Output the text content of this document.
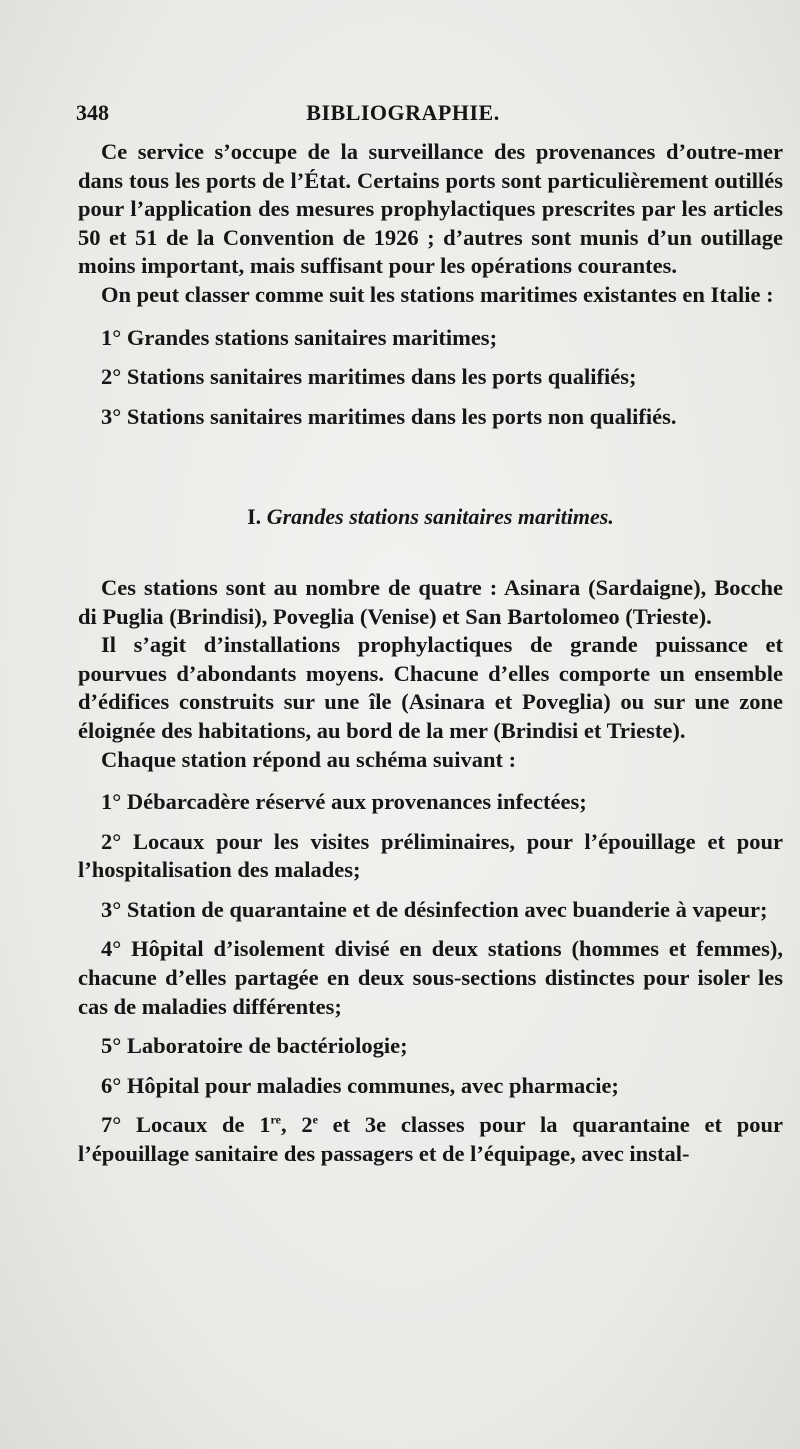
348	BIBLIOGRAPHIE.

Ce service s’occupe de la surveillance des provenances d’outre-mer dans tous les ports de l’État. Certains ports sont particulièrement outillés pour l’application des mesures prophylactiques prescrites par les articles 50 et 51 de la Convention de 1926 ; d’autres sont munis d’un outillage moins important, mais suffisant pour les opérations courantes.

On peut classer comme suit les stations maritimes existantes en Italie :

1° Grandes stations sanitaires maritimes;

2° Stations sanitaires maritimes dans les ports qualifiés;

3° Stations sanitaires maritimes dans les ports non qualifiés.

I. Grandes stations sanitaires maritimes.

Ces stations sont au nombre de quatre : Asinara (Sardaigne), Bocche di Puglia (Brindisi), Poveglia (Venise) et San Bartolomeo (Trieste).

Il s’agit d’installations prophylactiques de grande puissance et pourvues d’abondants moyens. Chacune d’elles comporte un ensemble d’édifices construits sur une île (Asinara et Poveglia) ou sur une zone éloignée des habitations, au bord de la mer (Brindisi et Trieste).

Chaque station répond au schéma suivant :

1° Débarcadère réservé aux provenances infectées;

2° Locaux pour les visites préliminaires, pour l’épouillage et pour l’hospitalisation des malades;

3° Station de quarantaine et de désinfection avec buanderie à vapeur;

4° Hôpital d’isolement divisé en deux stations (hommes et femmes), chacune d’elles partagée en deux sous-sections distinctes pour isoler les cas de maladies différentes;

5° Laboratoire de bactériologie;

6° Hôpital pour maladies communes, avec pharmacie;

7° Locaux de 1re, 2e et 3e classes pour la quarantaine et pour l’épouillage sanitaire des passagers et de l’équipage, avec instal-
